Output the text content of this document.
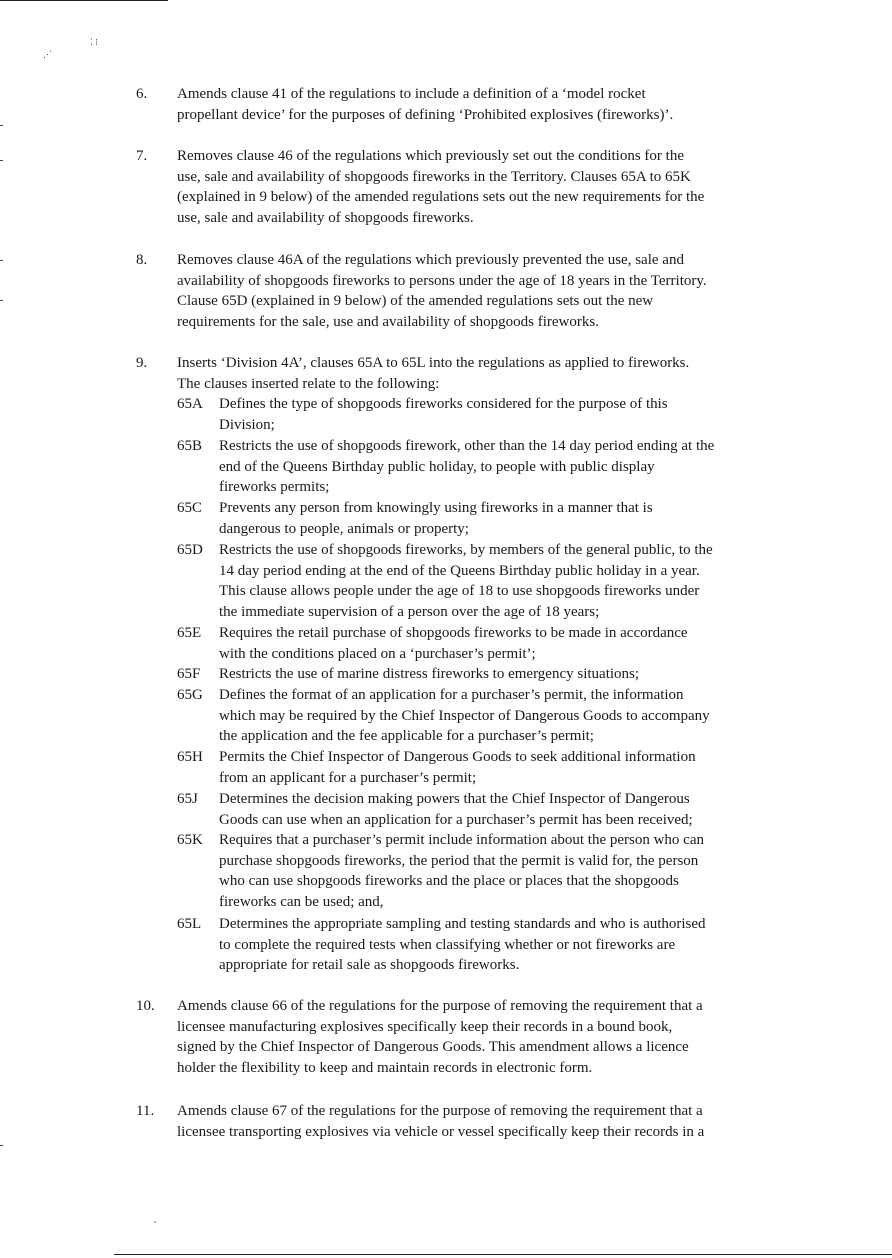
⋰
⁚ ⁝
˛
6. Amends clause 41 of the regulations to include a definition of a ‘model rocket
propellant device’ for the purposes of defining ‘Prohibited explosives (fireworks)’.
7. Removes clause 46 of the regulations which previously set out the conditions for the
use, sale and availability of shopgoods fireworks in the Territory. Clauses 65A to 65K
(explained in 9 below) of the amended regulations sets out the new requirements for the
use, sale and availability of shopgoods fireworks.
8. Removes clause 46A of the regulations which previously prevented the use, sale and
availability of shopgoods fireworks to persons under the age of 18 years in the Territory.
Clause 65D (explained in 9 below) of the amended regulations sets out the new
requirements for the sale, use and availability of shopgoods fireworks.
9. Inserts ‘Division 4A’, clauses 65A to 65L into the regulations as applied to fireworks.
The clauses inserted relate to the following:
65A Defines the type of shopgoods fireworks considered for the purpose of this
Division;
65B Restricts the use of shopgoods firework, other than the 14 day period ending at the
end of the Queens Birthday public holiday, to people with public display
fireworks permits;
65C Prevents any person from knowingly using fireworks in a manner that is
dangerous to people, animals or property;
65D Restricts the use of shopgoods fireworks, by members of the general public, to the
14 day period ending at the end of the Queens Birthday public holiday in a year.
This clause allows people under the age of 18 to use shopgoods fireworks under
the immediate supervision of a person over the age of 18 years;
65E Requires the retail purchase of shopgoods fireworks to be made in accordance
with the conditions placed on a ‘purchaser’s permit’;
65F Restricts the use of marine distress fireworks to emergency situations;
65G Defines the format of an application for a purchaser’s permit, the information
which may be required by the Chief Inspector of Dangerous Goods to accompany
the application and the fee applicable for a purchaser’s permit;
65H Permits the Chief Inspector of Dangerous Goods to seek additional information
from an applicant for a purchaser’s permit;
65J Determines the decision making powers that the Chief Inspector of Dangerous
Goods can use when an application for a purchaser’s permit has been received;
65K Requires that a purchaser’s permit include information about the person who can
purchase shopgoods fireworks, the period that the permit is valid for, the person
who can use shopgoods fireworks and the place or places that the shopgoods
fireworks can be used; and,
65L Determines the appropriate sampling and testing standards and who is authorised
to complete the required tests when classifying whether or not fireworks are
appropriate for retail sale as shopgoods fireworks.
10. Amends clause 66 of the regulations for the purpose of removing the requirement that a
licensee manufacturing explosives specifically keep their records in a bound book,
signed by the Chief Inspector of Dangerous Goods. This amendment allows a licence
holder the flexibility to keep and maintain records in electronic form.
11. Amends clause 67 of the regulations for the purpose of removing the requirement that a
licensee transporting explosives via vehicle or vessel specifically keep their records in a
